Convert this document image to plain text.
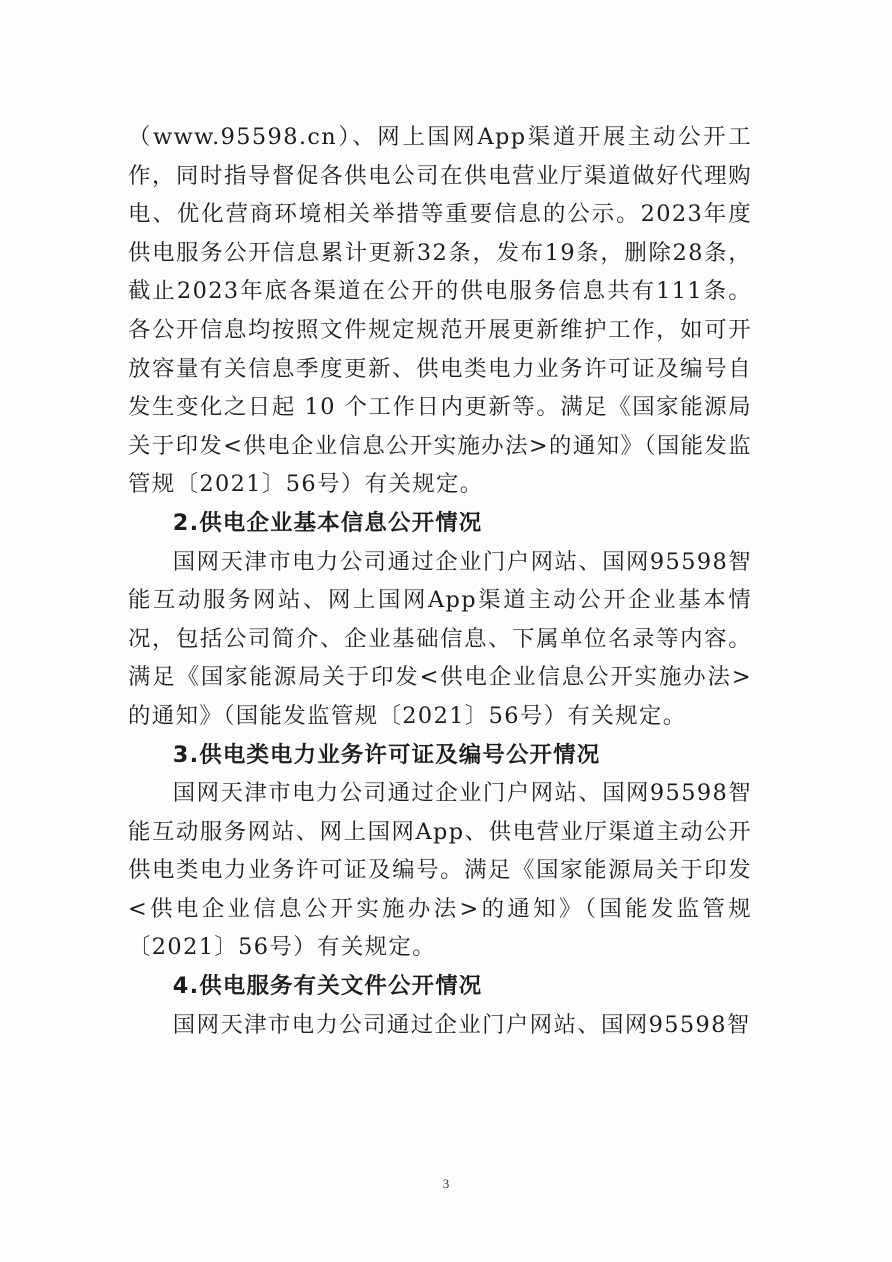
（www.95598.cn）、网上国网App渠道开展主动公开工作，同时指导督促各供电公司在供电营业厅渠道做好代理购电、优化营商环境相关举措等重要信息的公示。2023年度供电服务公开信息累计更新32条，发布19条，删除28条，截止2023年底各渠道在公开的供电服务信息共有111条。各公开信息均按照文件规定规范开展更新维护工作，如可开放容量有关信息季度更新、供电类电力业务许可证及编号自发生变化之日起 10 个工作日内更新等。满足《国家能源局关于印发<供电企业信息公开实施办法>的通知》（国能发监管规〔2021〕56号）有关规定。

2.供电企业基本信息公开情况

国网天津市电力公司通过企业门户网站、国网95598智能互动服务网站、网上国网App渠道主动公开企业基本情况，包括公司简介、企业基础信息、下属单位名录等内容。满足《国家能源局关于印发<供电企业信息公开实施办法>的通知》（国能发监管规〔2021〕56号）有关规定。

3.供电类电力业务许可证及编号公开情况

国网天津市电力公司通过企业门户网站、国网95598智能互动服务网站、网上国网App、供电营业厅渠道主动公开供电类电力业务许可证及编号。满足《国家能源局关于印发<供电企业信息公开实施办法>的通知》（国能发监管规〔2021〕56号）有关规定。

4.供电服务有关文件公开情况

国网天津市电力公司通过企业门户网站、国网95598智

3
